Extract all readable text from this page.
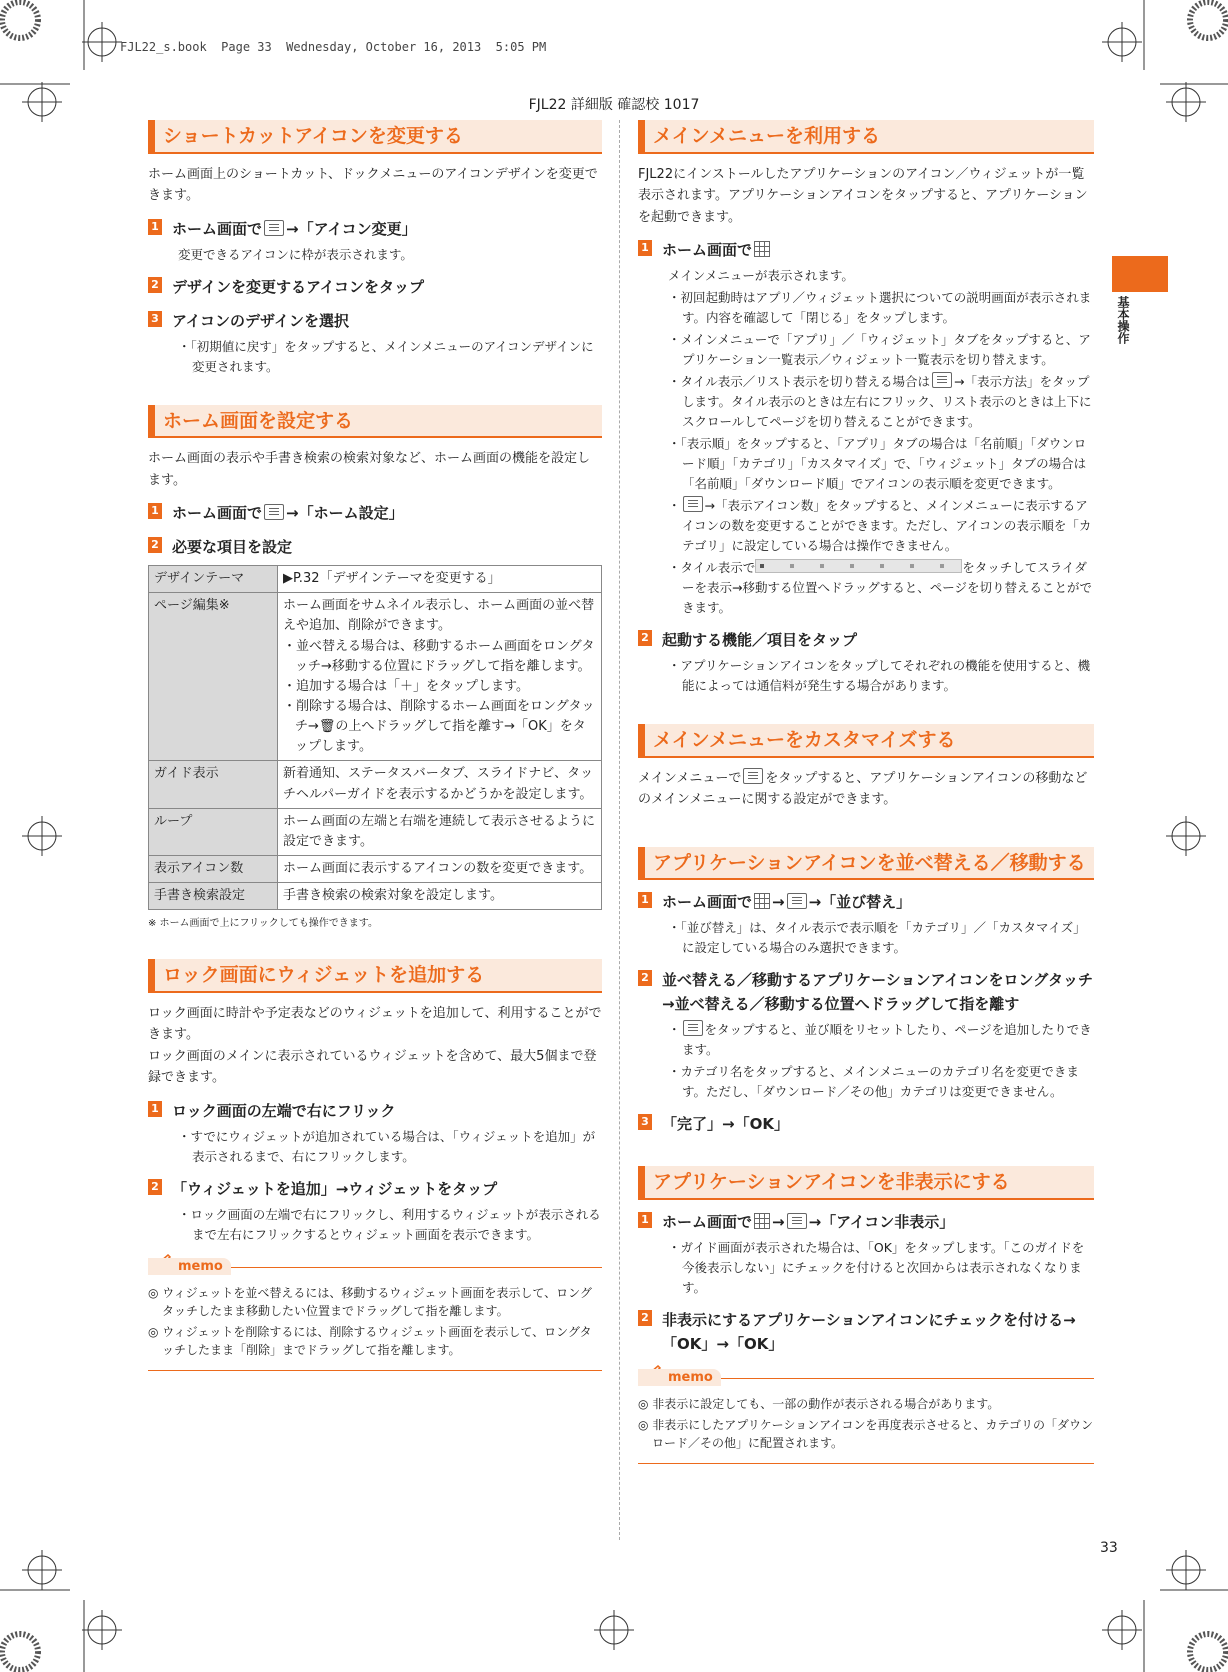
FJL22_s.book  Page 33  Wednesday, October 16, 2013  5:05 PM
FJL22 詳細版 確認校 1017
基本操作
ショートカットアイコンを変更する

ホーム画面上のショートカット、ドックメニューのアイコンデザインを変更できます。

1 ホーム画面で →「アイコン変更」
変更できるアイコンに枠が表示されます。
2 デザインを変更するアイコンをタップ
3 アイコンのデザインを選択
・「初期値に戻す」をタップすると、メインメニューのアイコンデザインに変更されます。
ホーム画面を設定する

ホーム画面の表示や手書き検索の検索対象など、ホーム画面の機能を設定します。

1 ホーム画面で →「ホーム設定」
2 必要な項目を設定
デザインテーマ	▶P.32「デザインテーマを変更する」
ページ編集※	ホーム画面をサムネイル表示し、ホーム画面の並べ替えや追加、削除ができます。
・並べ替える場合は、移動するホーム画面をロングタッチ→移動する位置にドラッグして指を離します。
・追加する場合は「＋」をタップします。
・削除する場合は、削除するホーム画面をロングタッチ→🗑の上へドラッグして指を離す→「OK」をタップします。

ガイド表示	新着通知、ステータスバータブ、スライドナビ、タッチヘルパーガイドを表示するかどうかを設定します。
ループ	ホーム画面の左端と右端を連続して表示させるように設定できます。
表示アイコン数	ホーム画面に表示するアイコンの数を変更できます。
手書き検索設定	手書き検索の検索対象を設定します。
※ ホーム画面で上にフリックしても操作できます。
ロック画面にウィジェットを追加する

ロック画面に時計や予定表などのウィジェットを追加して、利用することができます。

ロック画面のメインに表示されているウィジェットを含めて、最大5個まで登録できます。

1 ロック画面の左端で右にフリック
・すでにウィジェットが追加されている場合は、「ウィジェットを追加」が表示されるまで、右にフリックします。
2 「ウィジェットを追加」→ウィジェットをタップ
・ロック画面の左端で右にフリックし、利用するウィジェットが表示されるまで左右にフリックするとウィジェット画面を表示できます。
memo
◎ ウィジェットを並べ替えるには、移動するウィジェット画面を表示して、ロングタッチしたまま移動したい位置までドラッグして指を離します。
◎ ウィジェットを削除するには、削除するウィジェット画面を表示して、ロングタッチしたまま「削除」までドラッグして指を離します。
メインメニューを利用する

FJL22にインストールしたアプリケーションのアイコン／ウィジェットが一覧表示されます。アプリケーションアイコンをタップすると、アプリケーションを起動できます。

1 ホーム画面で
メインメニューが表示されます。
・初回起動時はアプリ／ウィジェット選択についての説明画面が表示されます。内容を確認して「閉じる」をタップします。
・メインメニューで「アプリ」／「ウィジェット」タブをタップすると、アプリケーション一覧表示／ウィジェット一覧表示を切り替えます。
・タイル表示／リスト表示を切り替える場合は →「表示方法」をタップします。タイル表示のときは左右にフリック、リスト表示のときは上下にスクロールしてページを切り替えることができます。
・「表示順」をタップすると、「アプリ」タブの場合は「名前順」「ダウンロード順」「カテゴリ」「カスタマイズ」で、「ウィジェット」タブの場合は「名前順」「ダウンロード順」でアイコンの表示順を変更できます。
・ →「表示アイコン数」をタップすると、メインメニューに表示するアイコンの数を変更することができます。ただし、アイコンの表示順を「カテゴリ」に設定している場合は操作できません。
・タイル表示で	をタッチしてスライダーを表示→移動する位置へドラッグすると、ページを切り替えることができます。
2 起動する機能／項目をタップ
・アプリケーションアイコンをタップしてそれぞれの機能を使用すると、機能によっては通信料が発生する場合があります。
メインメニューをカスタマイズする

メインメニューで をタップすると、アプリケーションアイコンの移動などのメインメニューに関する設定ができます。

アプリケーションアイコンを並べ替える／移動する
1 ホーム画面で → →「並び替え」
・「並び替え」は、タイル表示で表示順を「カテゴリ」／「カスタマイズ」に設定している場合のみ選択できます。
2 並べ替える／移動するアプリケーションアイコンをロングタッチ→並べ替える／移動する位置へドラッグして指を離す
・ をタップすると、並び順をリセットしたり、ページを追加したりできます。
・カテゴリ名をタップすると、メインメニューのカテゴリ名を変更できます。ただし、「ダウンロード／その他」カテゴリは変更できません。
3 「完了」→「OK」
アプリケーションアイコンを非表示にする
1 ホーム画面で → →「アイコン非表示」
・ガイド画面が表示された場合は、「OK」をタップします。「このガイドを今後表示しない」にチェックを付けると次回からは表示されなくなります。
2 非表示にするアプリケーションアイコンにチェックを付ける→「OK」→「OK」
memo
◎ 非表示に設定しても、一部の動作が表示される場合があります。
◎ 非表示にしたアプリケーションアイコンを再度表示させると、カテゴリの「ダウンロード／その他」に配置されます。
33
